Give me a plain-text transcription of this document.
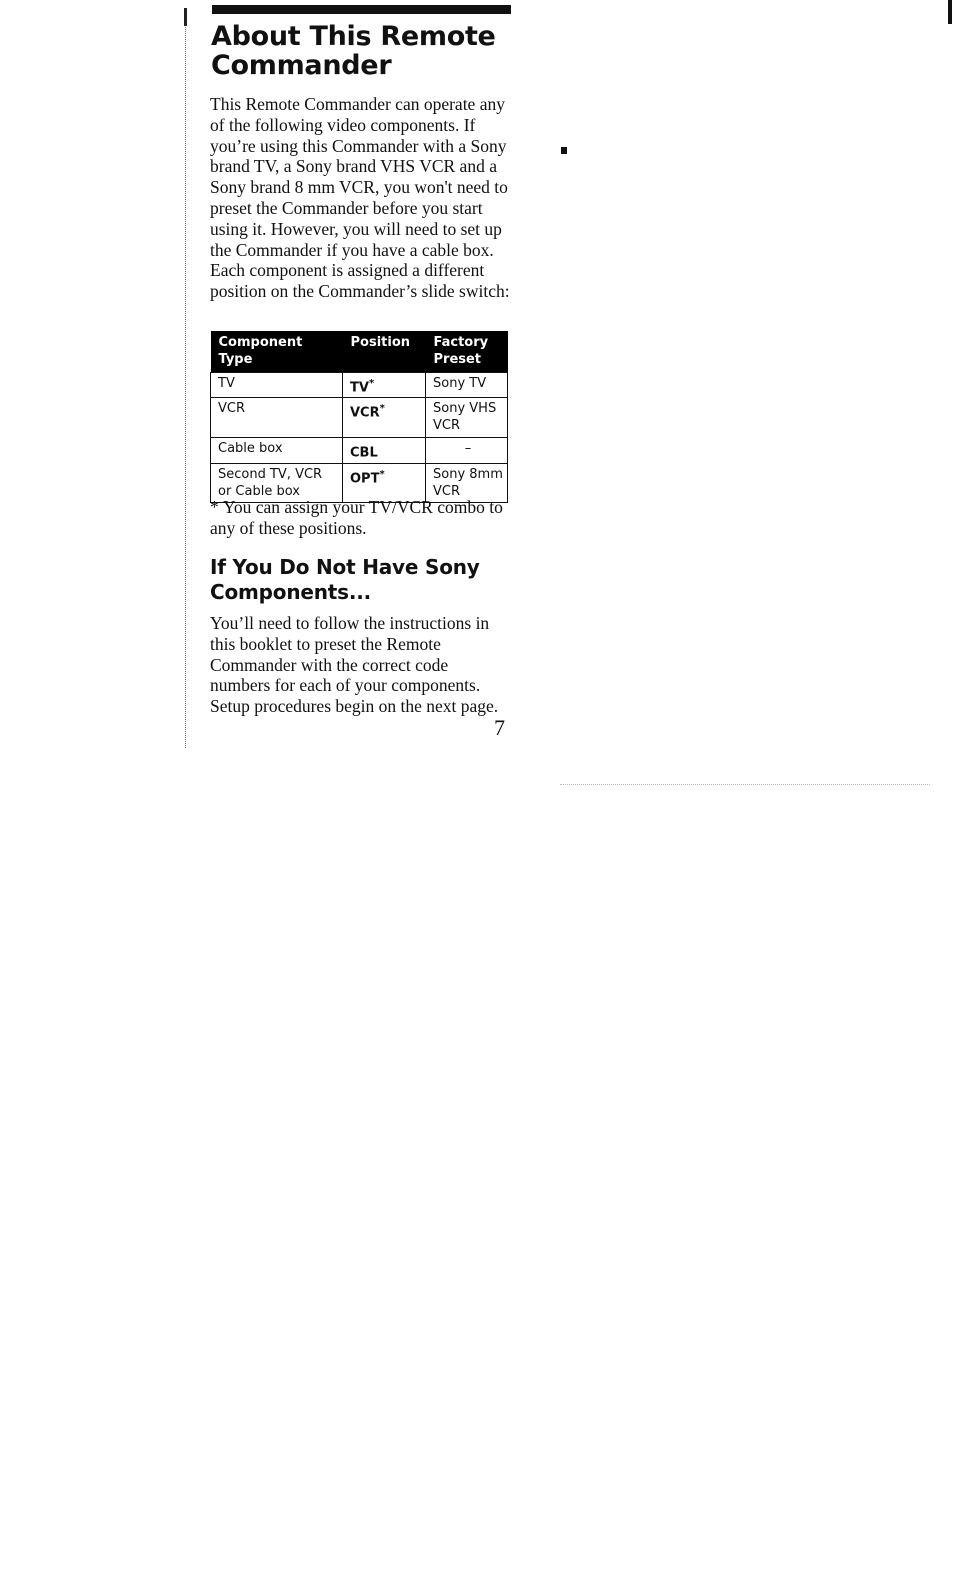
About This Remote Commander

This Remote Commander can operate any of the following video components. If you’re using this Commander with a Sony brand TV, a Sony brand VHS VCR and a Sony brand 8 mm VCR, you won't need to preset the Commander before you start using it. However, you will need to set up the Commander if you have a cable box. Each component is assigned a different position on the Commander’s slide switch:

Component Type	Position	Factory Preset
TV	TV*	Sony TV
VCR	VCR*	Sony VHS VCR
Cable box	CBL	–
Second TV, VCR or Cable box	OPT*	Sony 8mm VCR

* You can assign your TV/VCR combo to any of these positions.

If You Do Not Have Sony Components...

You’ll need to follow the instructions in this booklet to preset the Remote Commander with the correct code numbers for each of your components. Setup procedures begin on the next page.

7
